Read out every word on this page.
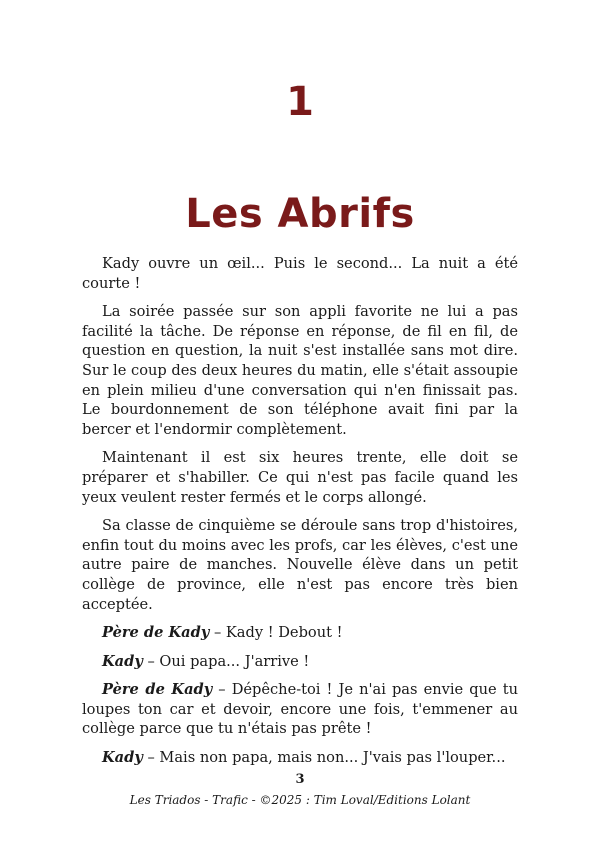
1
Les Abrifs

Kady ouvre un œil... Puis le second... La nuit a été courte !

La soirée passée sur son appli favorite ne lui a pas facilité la tâche. De réponse en réponse, de fil en fil, de question en question, la nuit s'est installée sans mot dire. Sur le coup des deux heures du matin, elle s'était assoupie en plein milieu d'une conversation qui n'en finissait pas. Le bourdonnement de son téléphone avait fini par la bercer et l'endormir complètement.

Maintenant il est six heures trente, elle doit se préparer et s'habiller. Ce qui n'est pas facile quand les yeux veulent rester fermés et le corps allongé.

Sa classe de cinquième se déroule sans trop d'histoires, enfin tout du moins avec les profs, car les élèves, c'est une autre paire de manches. Nouvelle élève dans un petit collège de province, elle n'est pas encore très bien acceptée.

Père de Kady – Kady ! Debout !

Kady – Oui papa... J'arrive !

Père de Kady – Dépêche-toi ! Je n'ai pas envie que tu loupes ton car et devoir, encore une fois, t'emmener au collège parce que tu n'étais pas prête !

Kady – Mais non papa, mais non... J'vais pas l'louper...

3
Les Triados - Trafic - ©2025 : Tim Loval/Editions Lolant
